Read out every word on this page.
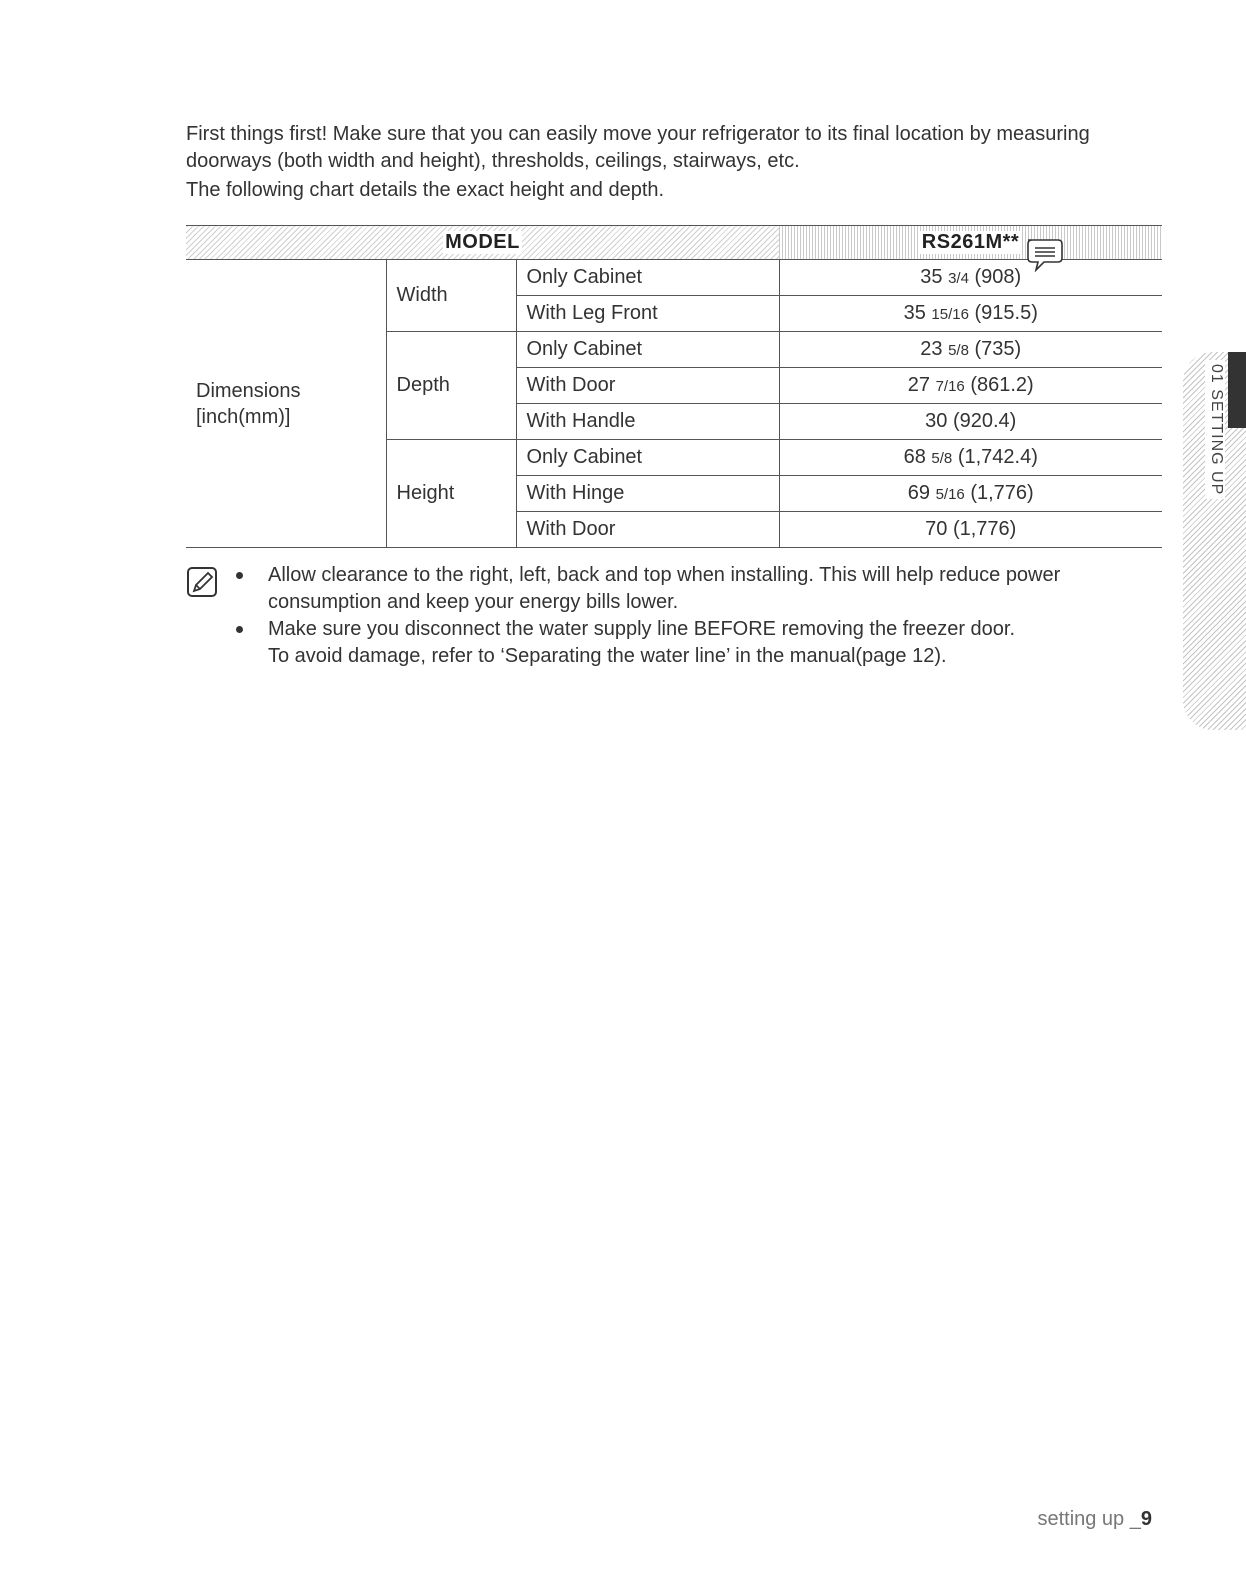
First things first! Make sure that you can easily move your refrigerator to its final location by measuring doorways (both width and height), thresholds, ceilings, stairways, etc.

The following chart details the exact height and depth.

MODEL			RS261M**
Dimensions
[inch(mm)]	Width	Only Cabinet	35 3/4 (908)
		With Leg Front	35 15/16 (915.5)
	Depth	Only Cabinet	23 5/8 (735)
		With Door	27 7/16 (861.2)
		With Handle	30 (920.4)
	Height	Only Cabinet	68 5/8 (1,742.4)
		With Hinge	69 5/16 (1,776)
		With Door	70 (1,776)
Allow clearance to the right, left, back and top when installing. This will help reduce power consumption and keep your energy bills lower.
Make sure you disconnect the water supply line BEFORE removing the freezer door.
To avoid damage, refer to ‘Separating the water line’ in the manual(page 12).
01 SETTING UP
setting up _9
